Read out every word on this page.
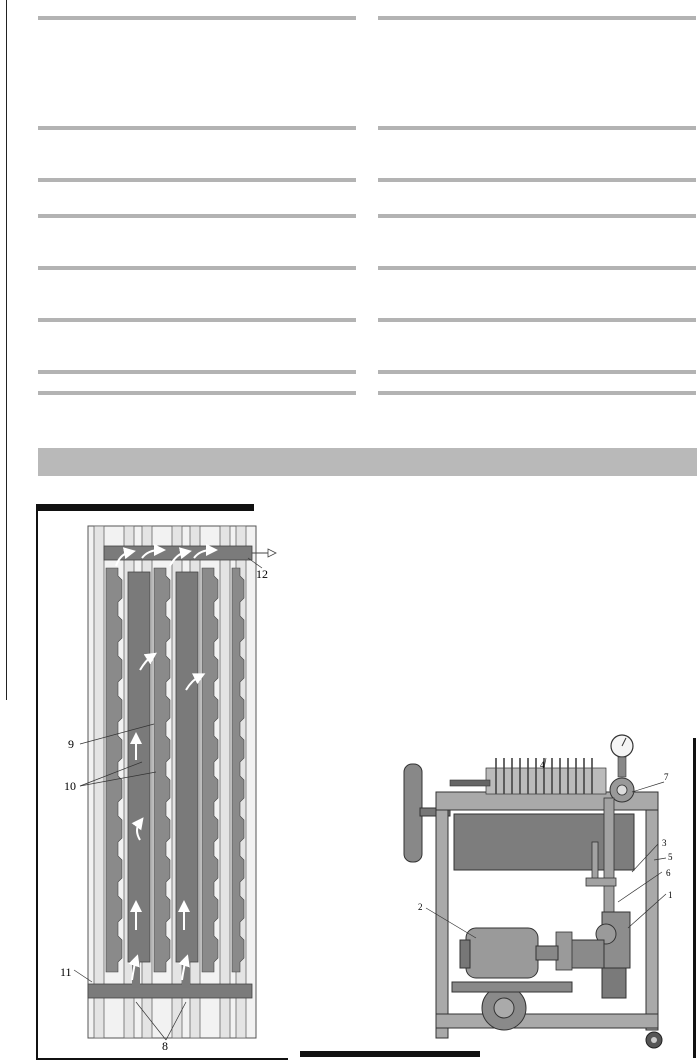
9
10
11
8
12
1
2
3
4
5
6
7
